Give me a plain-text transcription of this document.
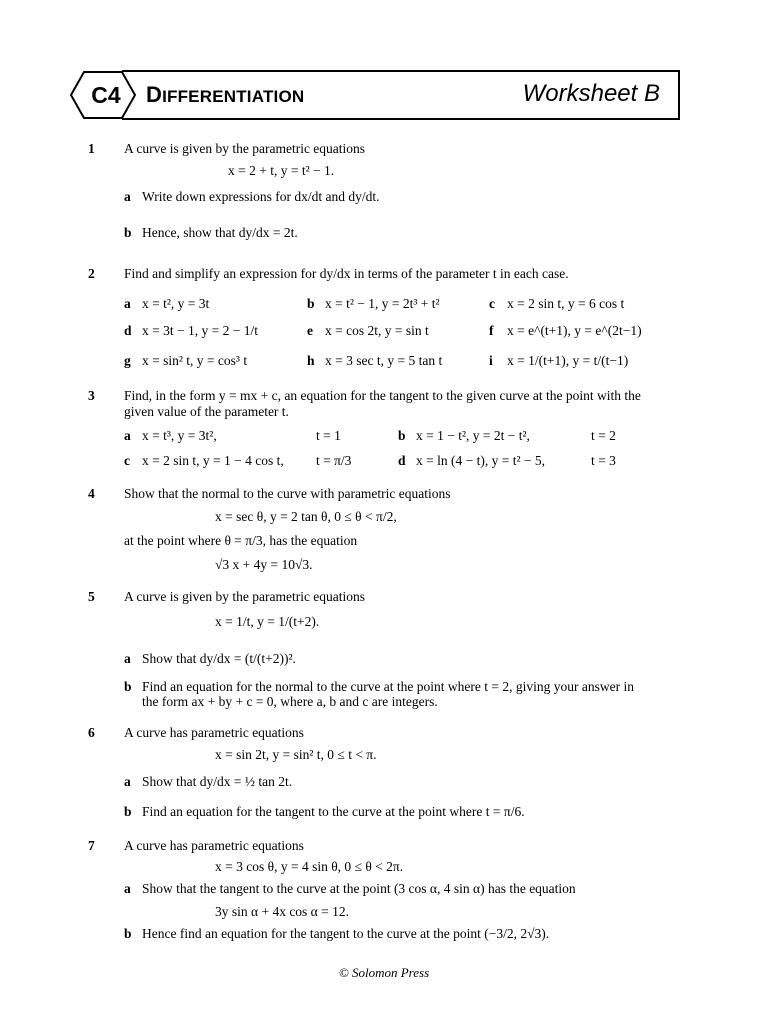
C4	DIFFERENTIATION	Worksheet B
1 A curve is given by the parametric equations
x = 2 + t, y = t² − 1.
a Write down expressions for dx/dt and dy/dt.
b Hence, show that dy/dx = 2t.
2 Find and simplify an expression for dy/dx in terms of the parameter t in each case.
a x = t², y = 3t	b x = t² − 1, y = 2t³ + t²	c x = 2 sin t, y = 6 cos t
d x = 3t − 1, y = 2 − 1/t	e x = cos 2t, y = sin t	f x = e^(t+1), y = e^(2t−1)
g x = sin² t, y = cos³ t	h x = 3 sec t, y = 5 tan t	i x = 1/(t+1), y = t/(t−1)
3 Find, in the form y = mx + c, an equation for the tangent to the given curve at the point with the
given value of the parameter t.
a x = t³, y = 3t²,	t = 1	b x = 1 − t², y = 2t − t²,	t = 2
c x = 2 sin t, y = 1 − 4 cos t, t = π/3	d x = ln (4 − t), y = t² − 5,	t = 3
4 Show that the normal to the curve with parametric equations
x = sec θ, y = 2 tan θ, 0 ≤ θ < π/2,
at the point where θ = π/3, has the equation
√3 x + 4y = 10√3.
5 A curve is given by the parametric equations
x = 1/t, y = 1/(t+2).
a Show that dy/dx = (t/(t+2))².
b Find an equation for the normal to the curve at the point where t = 2, giving your answer in
the form ax + by + c = 0, where a, b and c are integers.
6 A curve has parametric equations
x = sin 2t, y = sin² t, 0 ≤ t < π.
a Show that dy/dx = ½ tan 2t.
b Find an equation for the tangent to the curve at the point where t = π/6.
7 A curve has parametric equations
x = 3 cos θ, y = 4 sin θ, 0 ≤ θ < 2π.
a Show that the tangent to the curve at the point (3 cos α, 4 sin α) has the equation
3y sin α + 4x cos α = 12.
b Hence find an equation for the tangent to the curve at the point (−3/2, 2√3).
© Solomon Press
